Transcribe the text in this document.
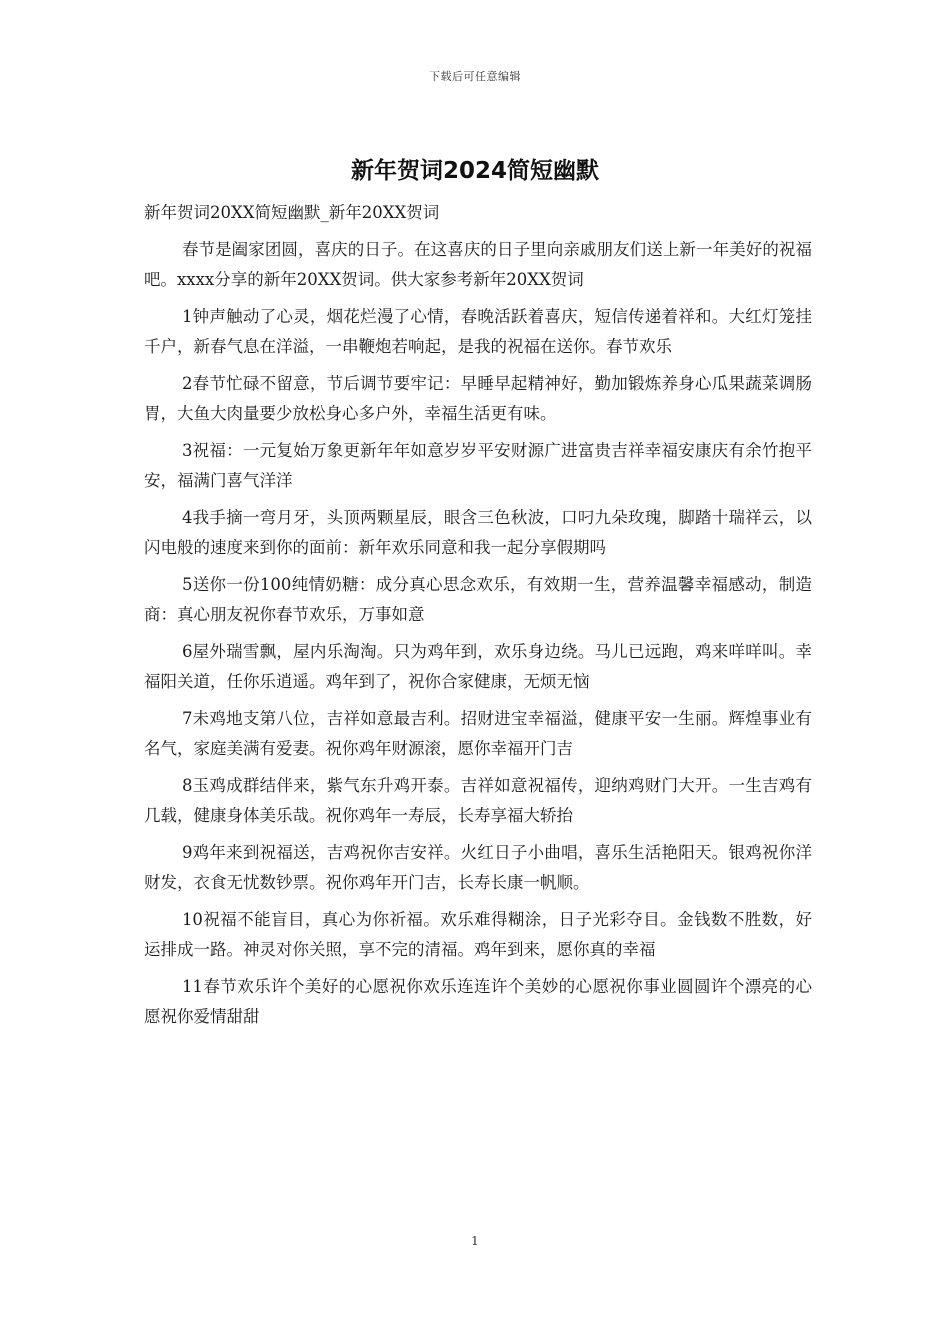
下载后可任意编辑
新年贺词2024简短幽默

新年贺词20XX简短幽默_新年20XX贺词

春节是阖家团圆，喜庆的日子。在这喜庆的日子里向亲戚朋友们送上新一年美好的祝福吧。xxxx分享的新年20XX贺词。供大家参考新年20XX贺词

1钟声触动了心灵，烟花烂漫了心情，春晚活跃着喜庆，短信传递着祥和。大红灯笼挂千户，新春气息在洋溢，一串鞭炮若响起，是我的祝福在送你。春节欢乐

2春节忙碌不留意，节后调节要牢记：早睡早起精神好，勤加锻炼养身心瓜果蔬菜调肠胃，大鱼大肉量要少放松身心多户外，幸福生活更有味。

3祝福：一元复始万象更新年年如意岁岁平安财源广进富贵吉祥幸福安康庆有余竹抱平安，福满门喜气洋洋

4我手摘一弯月牙，头顶两颗星辰，眼含三色秋波，口叼九朵玫瑰，脚踏十瑞祥云，以闪电般的速度来到你的面前：新年欢乐同意和我一起分享假期吗

5送你一份100纯情奶糖：成分真心思念欢乐，有效期一生，营养温馨幸福感动，制造商：真心朋友祝你春节欢乐，万事如意

6屋外瑞雪飘，屋内乐淘淘。只为鸡年到，欢乐身边绕。马儿已远跑，鸡来咩咩叫。幸福阳关道，任你乐逍遥。鸡年到了，祝你合家健康，无烦无恼

7未鸡地支第八位，吉祥如意最吉利。招财进宝幸福溢，健康平安一生丽。辉煌事业有名气，家庭美满有爱妻。祝你鸡年财源滚，愿你幸福开门吉

8玉鸡成群结伴来，紫气东升鸡开泰。吉祥如意祝福传，迎纳鸡财门大开。一生吉鸡有几载，健康身体美乐哉。祝你鸡年一寿辰，长寿享福大轿抬

9鸡年来到祝福送，吉鸡祝你吉安祥。火红日子小曲唱，喜乐生活艳阳天。银鸡祝你洋财发，衣食无忧数钞票。祝你鸡年开门吉，长寿长康一帆顺。

10祝福不能盲目，真心为你祈福。欢乐难得糊涂，日子光彩夺目。金钱数不胜数，好运排成一路。神灵对你关照，享不完的清福。鸡年到来，愿你真的幸福

11春节欢乐许个美好的心愿祝你欢乐连连许个美妙的心愿祝你事业圆圆许个漂亮的心愿祝你爱情甜甜

1
